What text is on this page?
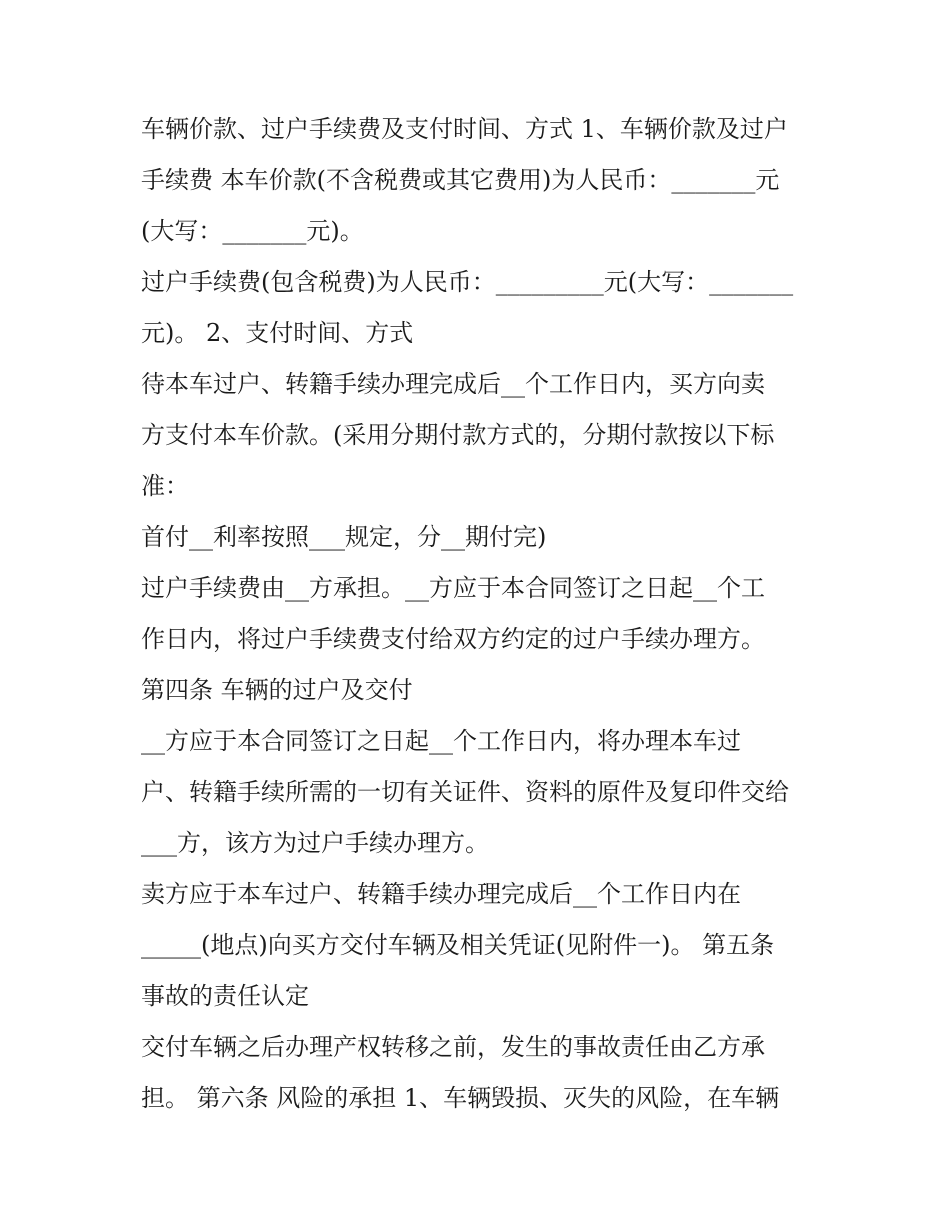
车辆价款、过户手续费及支付时间、方式 1、车辆价款及过户
手续费 本车价款(不含税费或其它费用)为人民币：_______元
(大写：_______元)。
过户手续费(包含税费)为人民币：_________元(大写：_______
元)。 2、支付时间、方式
待本车过户、转籍手续办理完成后__个工作日内，买方向卖
方支付本车价款。(采用分期付款方式的，分期付款按以下标
准：
首付__利率按照___规定，分__期付完)
过户手续费由__方承担。__方应于本合同签订之日起__个工
作日内，将过户手续费支付给双方约定的过户手续办理方。
第四条 车辆的过户及交付
__方应于本合同签订之日起__个工作日内，将办理本车过
户、转籍手续所需的一切有关证件、资料的原件及复印件交给
___方，该方为过户手续办理方。
卖方应于本车过户、转籍手续办理完成后__个工作日内在
_____(地点)向买方交付车辆及相关凭证(见附件一)。 第五条
事故的责任认定
交付车辆之后办理产权转移之前，发生的事故责任由乙方承
担。 第六条 风险的承担 1、车辆毁损、灭失的风险，在车辆
